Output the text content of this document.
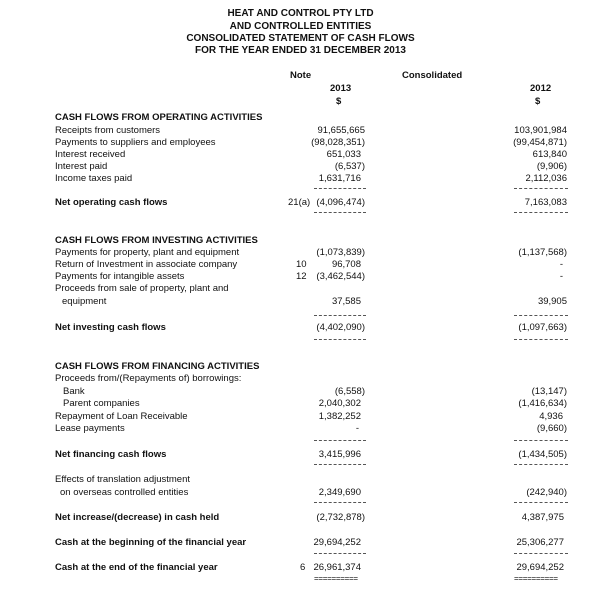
HEAT AND CONTROL PTY LTD
AND CONTROLLED ENTITIES
CONSOLIDATED STATEMENT OF CASH FLOWS
FOR THE YEAR ENDED 31 DECEMBER 2013
Note	Consolidated
2013	2012
$	$
CASH FLOWS FROM OPERATING ACTIVITIES
Receipts from customers	91,655,665	103,901,984
Payments to suppliers and employees	(98,028,351)	(99,454,871)
Interest received	651,033	613,840
Interest paid	(6,537)	(9,906)
Income taxes paid	1,631,716	2,112,036
Net operating cash flows	21(a) (4,096,474)	7,163,083
CASH FLOWS FROM INVESTING ACTIVITIES
Payments for property, plant and equipment	(1,073,839)	(1,137,568)
Return of Investment in associate company	10	96,708	-
Payments for intangible assets	12 (3,462,544)	-
Proceeds from sale of property, plant and
equipment	37,585	39,905
Net investing cash flows	(4,402,090)	(1,097,663)
CASH FLOWS FROM FINANCING ACTIVITIES
Proceeds from/(Repayments of) borrowings:
Bank	(6,558)	(13,147)
Parent companies	2,040,302	(1,416,634)
Repayment of Loan Receivable	1,382,252	4,936
Lease payments	-	(9,660)
Net financing cash flows	3,415,996	(1,434,505)
Effects of translation adjustment
on overseas controlled entities	2,349,690	(242,940)
Net increase/(decrease) in cash held	(2,732,878)	4,387,975
Cash at the beginning of the financial year	29,694,252	25,306,277
Cash at the end of the financial year	6 26,961,374	29,694,252
==========	==========
